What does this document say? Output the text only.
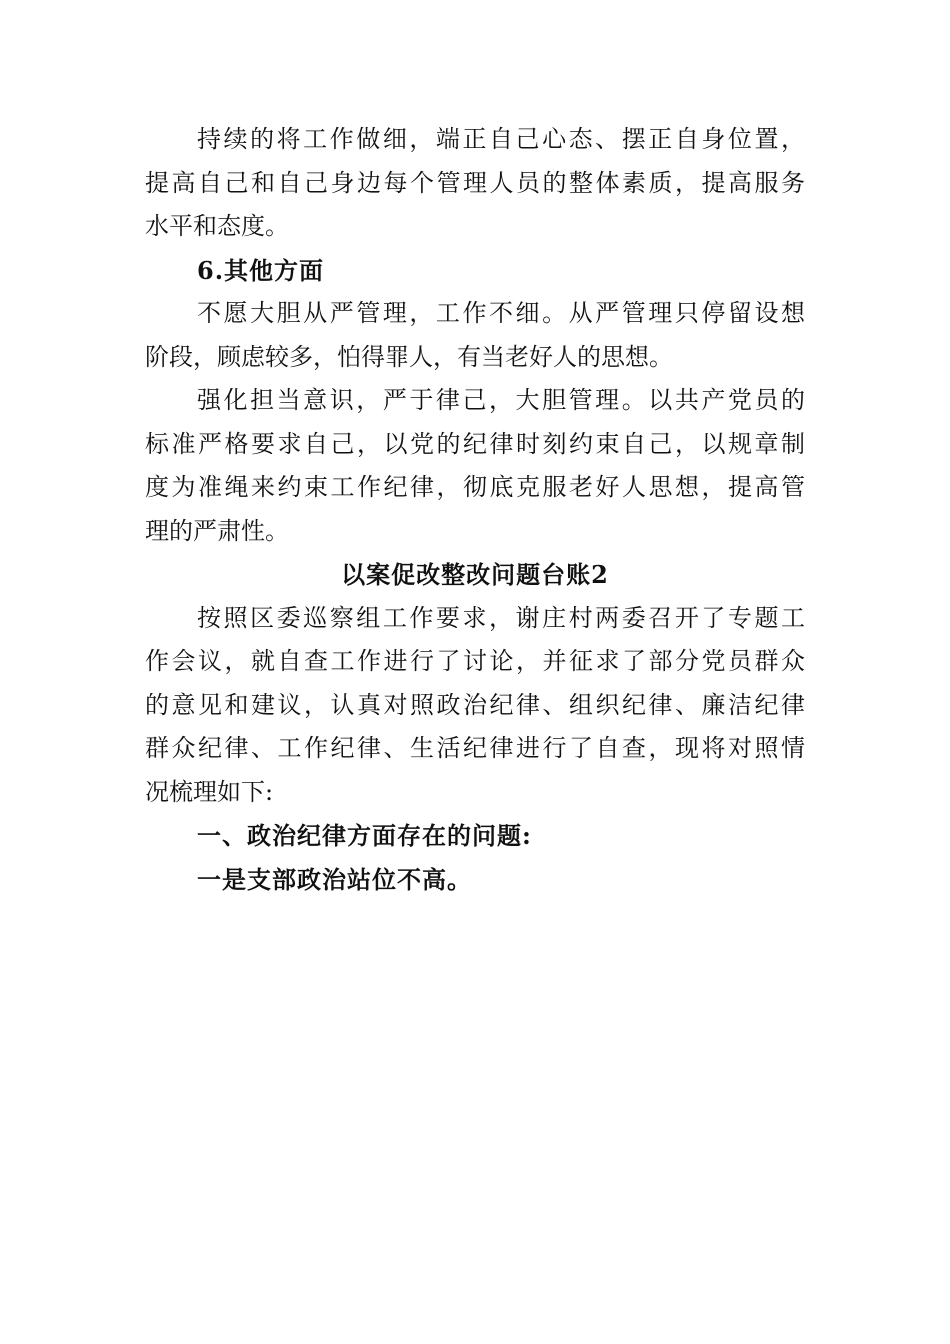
持续的将工作做细，端正自己心态、摆正自身位置，
提高自己和自己身边每个管理人员的整体素质，提高服务
水平和态度。
6.其他方面
不愿大胆从严管理，工作不细。从严管理只停留设想
阶段，顾虑较多，怕得罪人，有当老好人的思想。
强化担当意识，严于律己，大胆管理。以共产党员的
标准严格要求自己，以党的纪律时刻约束自己，以规章制
度为准绳来约束工作纪律，彻底克服老好人思想，提高管
理的严肃性。
以案促改整改问题台账2
按照区委巡察组工作要求，谢庄村两委召开了专题工
作会议，就自查工作进行了讨论，并征求了部分党员群众
的意见和建议，认真对照政治纪律、组织纪律、廉洁纪律
群众纪律、工作纪律、生活纪律进行了自查，现将对照情
况梳理如下:
一、政治纪律方面存在的问题:
一是支部政治站位不高。
